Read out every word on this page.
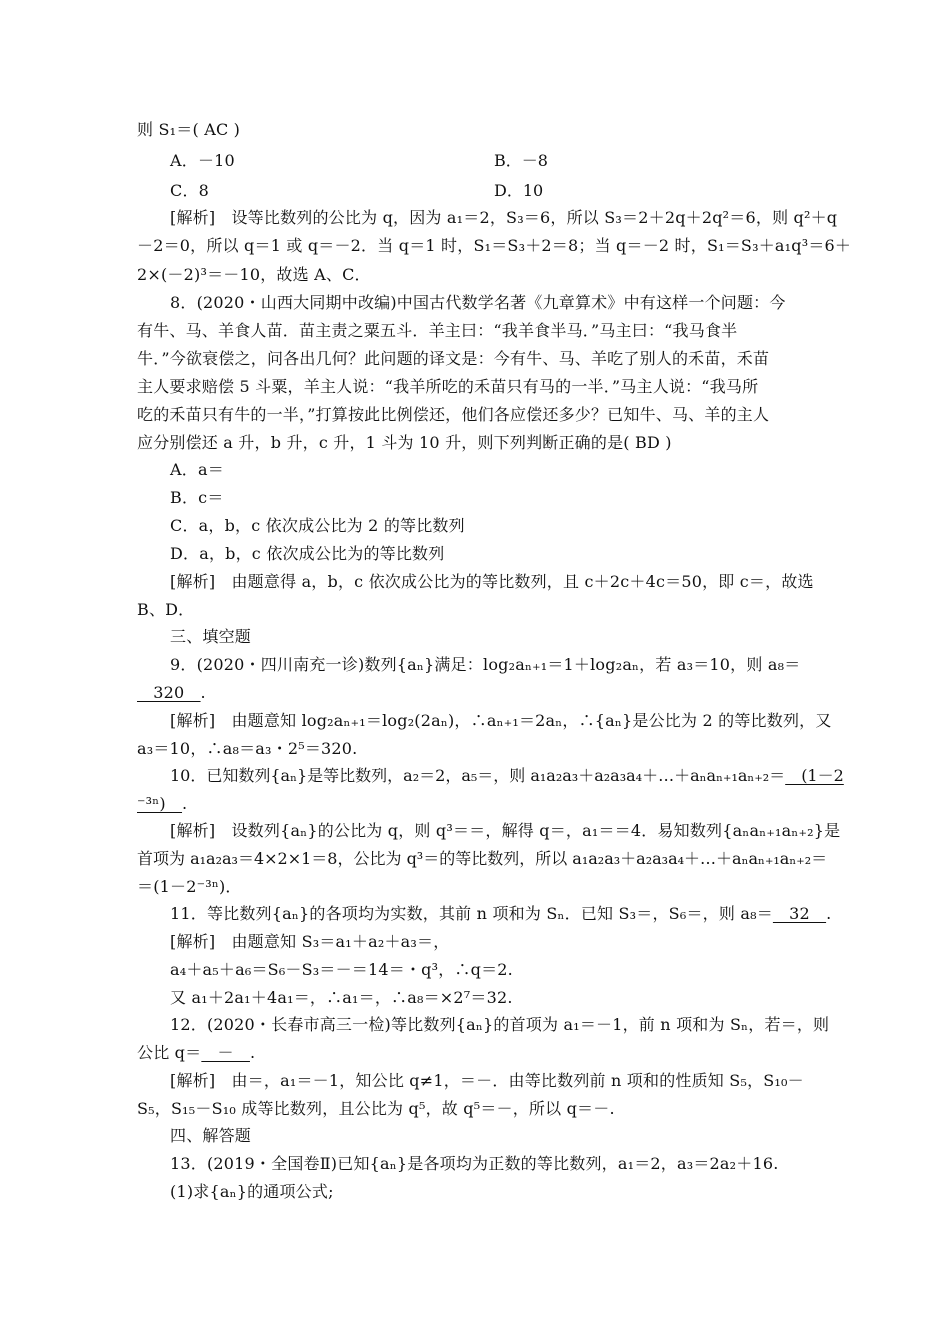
则 S₁＝( AC )
A．－10	B．－8
C．8	D．10
[解析]　设等比数列的公比为 q，因为 a₁＝2，S₃＝6，所以 S₃＝2＋2q＋2q²＝6，则 q²＋q
－2＝0，所以 q＝1 或 q＝－2．当 q＝1 时，S₁＝S₃＋2＝8；当 q＝－2 时，S₁＝S₃＋a₁q³＝6＋
2×(－2)³＝－10，故选 A、C．
8．(2020・山西大同期中改编)中国古代数学名著《九章算术》中有这样一个问题：今
有牛、马、羊食人苗．苗主责之粟五斗．羊主曰：“我羊食半马．”马主曰：“我马食半
牛．”今欲衰偿之，问各出几何？此问题的译文是：今有牛、马、羊吃了别人的禾苗，禾苗
主人要求赔偿 5 斗粟，羊主人说：“我羊所吃的禾苗只有马的一半．”马主人说：“我马所
吃的禾苗只有牛的一半，”打算按此比例偿还，他们各应偿还多少？已知牛、马、羊的主人
应分别偿还 a 升，b 升，c 升，1 斗为 10 升，则下列判断正确的是( BD )
A．a＝
B．c＝
C．a，b，c 依次成公比为 2 的等比数列
D．a，b，c 依次成公比为的等比数列
[解析]　由题意得 a，b，c 依次成公比为的等比数列，且 c＋2c＋4c＝50，即 c＝，故选
B、D．
三、填空题
9．(2020・四川南充一诊)数列{aₙ}满足：log₂aₙ₊₁＝1＋log₂aₙ，若 a₃＝10，则 a₈＝
　320　.
[解析]　由题意知 log₂aₙ₊₁＝log₂(2aₙ)，∴aₙ₊₁＝2aₙ，∴{aₙ}是公比为 2 的等比数列，又
a₃＝10，∴a₈＝a₃・2⁵＝320.
10．已知数列{aₙ}是等比数列，a₂＝2，a₅＝，则 a₁a₂a₃＋a₂a₃a₄＋…＋aₙaₙ₊₁aₙ₊₂＝　(1－2
⁻³ⁿ)　.
[解析]　设数列{aₙ}的公比为 q，则 q³＝＝，解得 q＝，a₁＝＝4．易知数列{aₙaₙ₊₁aₙ₊₂}是
首项为 a₁a₂a₃＝4×2×1＝8，公比为 q³＝的等比数列，所以 a₁a₂a₃＋a₂a₃a₄＋…＋aₙaₙ₊₁aₙ₊₂＝
＝(1－2⁻³ⁿ)．
11．等比数列{aₙ}的各项均为实数，其前 n 项和为 Sₙ．已知 S₃＝，S₆＝，则 a₈＝　32　.
[解析]　由题意知 S₃＝a₁＋a₂＋a₃＝，
a₄＋a₅＋a₆＝S₆－S₃＝－＝14＝・q³，∴q＝2.
又 a₁＋2a₁＋4a₁＝，∴a₁＝，∴a₈＝×2⁷＝32.
12．(2020・长春市高三一检)等比数列{aₙ}的首项为 a₁＝－1，前 n 项和为 Sₙ，若＝，则
公比 q＝　－　.
[解析]　由＝，a₁＝－1，知公比 q≠1，＝－．由等比数列前 n 项和的性质知 S₅，S₁₀－
S₅，S₁₅－S₁₀ 成等比数列，且公比为 q⁵，故 q⁵＝－，所以 q＝－.
四、解答题
13．(2019・全国卷Ⅱ)已知{aₙ}是各项均为正数的等比数列，a₁＝2，a₃＝2a₂＋16.
(1)求{aₙ}的通项公式;
